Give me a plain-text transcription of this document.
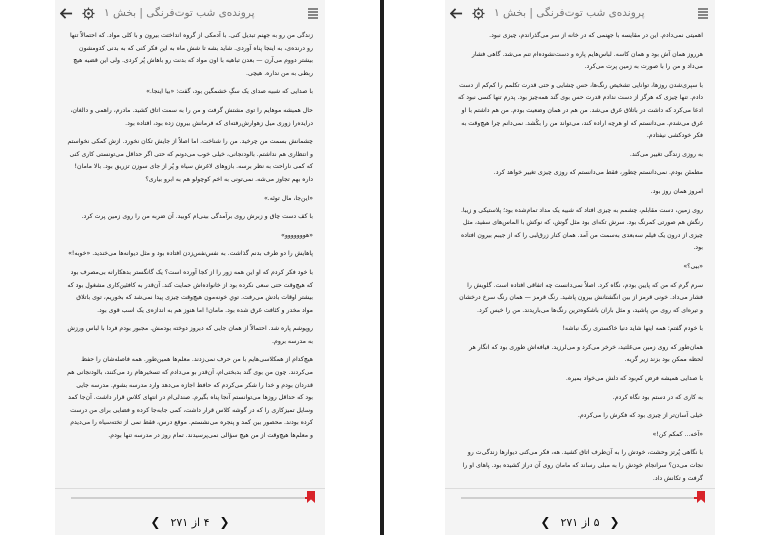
پرونده‌ی شب توت‌فرنگی | بخش ۱

زندگی من رو به جهنم تبدیل کنی. با آدمکی از گروه انداختت بیرون و با کلی مواد. که احتمالاً تنها رو درنده‌ی، به اینجا پناه آوردی. شاید بشه تا شش ماه به این فکر کنی که به بدنی کدومشون بیشتر دووم می‌آرن — بعدن تباهیه با اون مواد که بدنت رو باهاش پُر کردی. ولی این قضیه هیچ ربطی به من نداره. هیچی.

با صدایی که شبیه صدای یک سگِ خشمگین بود، گفت: «بیا اینجا.»

حال همیشه موهایم را توی مشتش گرفت و من را به سمت اتاق کشید. مادرم، راهمی و دالغان، درایده‌را زوری میل زهوارش‌رفته‌ای که فرمانش بیرون زده بود، افتاده بود.

چشمانش بسمت من چرخید. من را شناخت. اما اصلاً از جایش تکان نخورد. ازش کمکی نخواستم و انتظاری هم نداشتم. بالودنجانی، خیلی خوب می‌دونم که حتی اگر حداقل می‌تونستی کاری کنی که کمی ناراحت به نظر برسه. بازوهای لاغرش سیاه و پُر از جای سوزن تزریق بود. بالا مامان! داره بهم تجاوز می‌شه. نمی‌تونی به اخم کوچولو هم به ابرو بیاری؟

«این‌جا، مال تو‌ئه.»

با کف دست چاق و زبرش روی برآمدگی بینی‌ام کوبید. آن ضربه من را روی زمین پرت کرد.

«هووووووو»

پاهایش را دو طرف بدنم گذاشت. به نفس‌نفس‌زدن افتاده بود و مثل دیوانه‌ها می‌خندید. «خوبه!»

با خود فکر کردم که او این همه زور را از کجا آورده است؟ یک گانگستر بدهکارانه بی‌مصرف بود که هیچ‌وقت حتی سعی نکرده بود از خانواده‌اش حمایت کند. آن‌قدر به کافئین‌کاری مشغول بود که بیشتر اوقات بادش می‌رفت. تویِ خونه‌مون هیچ‌وقت چیزی پیدا نمی‌شد که بخوریم، توی باتلاق مواد مخدر و کثافت غرق شده بود. مامان! اما هنوز هم به اندازه‌ی یک اسب قوی بود.

روپوشم پاره شد. احتمالاً از همان جایی که دیروز دوخته بودمش. مجبور بودم فردا با لباس ورزش به مدرسه بروم.

هیچ‌کدام از همکلاسی‌هایم با من حرف نمی‌زدند. معلم‌ها همین‌طور. همه فاصله‌شان را حفظ می‌کردند. چون من بوی گند بدبختی‌ام، آن‌قدر بو می‌دادم که تسخیرهام رد می‌کنند، بالودنجانی هم قدردان بودم و خدا را شکر می‌کردم که حافظ اجازه می‌دهد وارد مدرسه بشوم. مدرسه جایی بود که حداقل روزها می‌توانستم آنجا پناه بگیرم. صندلی‌ام در انتهای کلاس قرار داشت. آن‌جا کمد وسایل تمیزکاری را که در گوشه کلاس قرار داشت، کمی جابه‌جا کرده و فضایی برای من درست کرده بودند. محصور بین کمد و پنجره می‌نشستم. موقع درس، فقط نمی از تخته‌سیاه را می‌دیدم و معلم‌ها هیچ‌وقت از من هیچ سؤالی نمی‌پرسیدند. تمام روز در مدرسه تنها بودم.

❮ ۴ از ۲۷۱ ❯
پرونده‌ی شب توت‌فرنگی | بخش ۱

اهمیتی نمی‌دادم. این در مقایسه با جهنمی که در خانه از سر می‌گذراندم، چیزی نبود.

هرروز همان آش بود و همان کاسه. لباس‌هایم پاره و دست‌نشوده‌ام تنم می‌شد. گاهی فشار می‌داد و من را با صورت به زمین پرت می‌کرد.

با سپری‌شدن روزها، توانایی تشخیص رنگ‌ها، حس چشایی و حتی قدرت تکلمم را کم‌کم از دست دادم. تنها چیزی که هرگز از دست ندادم قدرت حس بوی گند همه‌چیز بود. پدرم تنها کسی نبود که ادعا می‌کرد که داشت در باتلاق غرق می‌شد. من هم در همان وضعیت بودم. من هم داشتم با او غرق می‌شدم. می‌دانستم که او هرچه اراده کند، می‌تواند من را بکُشد. نمی‌دانم چرا هیچ‌وقت به فکر خودکشی نیفتادم.

به روزی زندگی تغییر می‌کند.

مطمئن بودم. نمی‌دانستم چطور، فقط می‌دانستم که روزی چیزی تغییر خواهد کرد.

امروز همان روز بود.

روی زمین، دست مقابلم، چشمم به چیزی افتاد که شبیه یک مداد تمام‌شده بود؛ پلاستیکی و زیبا. رنگش هم صورتی کمرنگ بود. سرش تکه‌ای بود مثل گوش، که نوکش با الماس‌های سفید، مثل چیزی از درون یک فیلم سه‌بعدی به‌سمت من آمد. همان کنار زرق‌لبی را که از جیبم بیرون افتاده بود.

«بیی؟»

سرم گرم که من که پایین بودم، نگاه کرد. اصلاً نمی‌دانست چه اتفاقی افتاده است. گلویش را فشار می‌داد. خونی قرمز از بین انگشتانش بیرون پاشید. رنگ قرمز — همان رنگ سرخ درخشان و تیره‌ای که روی من پاشید، و مثل باران باشکوه‌ترین رنگ‌ها می‌باریدند. من را خیس کرد.

با خودم گفتم: همه اینها شاید دنیا خاکستری رنگ نباشه!

همان‌طور که روی زمین می‌غلتید، خرخر می‌کرد و می‌لرزید. قیافه‌اش طوری بود که انگار هر لحظه ممکن بود بزند زیر گریه.

با صدایی همیشه فرض کم‌بود که دلش می‌خواد بمیره.

به کاری که در دستم بود نگاه کردم.

خیلی آسان‌تر از چیزی بود که فکرش را می‌کردم.

«آخه... کمکم کن!»

با نگاهی پُرتز وحشت، خودش را به آن‌طرف اتاق کشید. هه، فکر می‌کنی دیوارها زندگی‌ت رو نجات می‌دن؟ سرانجام خودش را به مبلی رساند که مامان روی آن دراز کشیده بود. پاهای او را گرفت و تکانش داد.

❮ ۵ از ۲۷۱ ❯
